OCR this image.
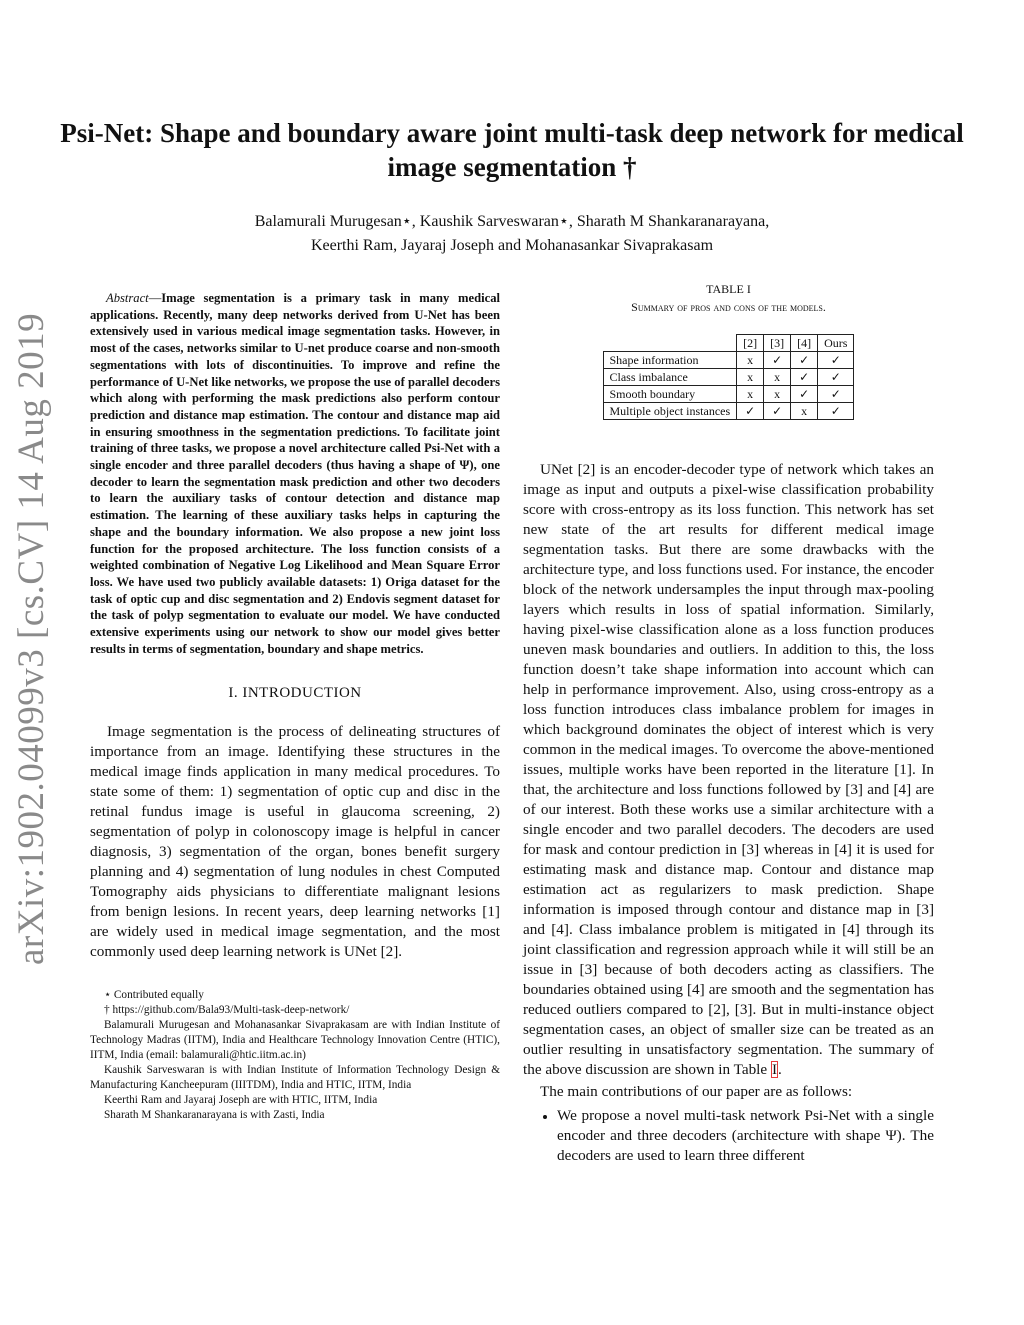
arXiv:1902.04099v3 [cs.CV] 14 Aug 2019
Psi-Net: Shape and boundary aware joint multi-task deep network for medical image segmentation †
Balamurali Murugesan⋆, Kaushik Sarveswaran⋆, Sharath M Shankaranarayana,
Keerthi Ram, Jayaraj Joseph and Mohanasankar Sivaprakasam

Abstract — Image segmentation is a primary task in many medical applications. Recently, many deep networks derived from U-Net has been extensively used in various medical image segmentation tasks. However, in most of the cases, networks similar to U-net produce coarse and non-smooth segmentations with lots of discontinuities. To improve and refine the performance of U-Net like networks, we propose the use of parallel decoders which along with performing the mask predictions also perform contour prediction and distance map estimation. The contour and distance map aid in ensuring smoothness in the segmentation predictions. To facilitate joint training of three tasks, we propose a novel architecture called Psi-Net with a single encoder and three parallel decoders (thus having a shape of Ψ), one decoder to learn the segmentation mask prediction and other two decoders to learn the auxiliary tasks of contour detection and distance map estimation. The learning of these auxiliary tasks helps in capturing the shape and the boundary information. We also propose a new joint loss function for the proposed architecture. The loss function consists of a weighted combination of Negative Log Likelihood and Mean Square Error loss. We have used two publicly available datasets: 1) Origa dataset for the task of optic cup and disc segmentation and 2) Endovis segment dataset for the task of polyp segmentation to evaluate our model. We have conducted extensive experiments using our network to show our model gives better results in terms of segmentation, boundary and shape metrics.

I. INTRODUCTION

Image segmentation is the process of delineating structures of importance from an image. Identifying these structures in the medical image finds application in many medical procedures. To state some of them: 1) segmentation of optic cup and disc in the retinal fundus image is useful in glaucoma screening, 2) segmentation of polyp in colonoscopy image is helpful in cancer diagnosis, 3) segmentation of the organ, bones benefit surgery planning and 4) segmentation of lung nodules in chest Computed Tomography aids physicians to differentiate malignant lesions from benign lesions. In recent years, deep learning networks [1] are widely used in medical image segmentation, and the most commonly used deep learning network is UNet [2].

⋆ Contributed equally

† https://github.com/Bala93/Multi-task-deep-network/

Balamurali Murugesan and Mohanasankar Sivaprakasam are with Indian Institute of Technology Madras (IITM), India and Healthcare Technology Innovation Centre (HTIC), IITM, India (email: balamurali@htic.iitm.ac.in)

Kaushik Sarveswaran is with Indian Institute of Information Technology Design & Manufacturing Kancheepuram (IIITDM), India and HTIC, IITM, India

Keerthi Ram and Jayaraj Joseph are with HTIC, IITM, India

Sharath M Shankaranarayana is with Zasti, India

TABLE I
Summary of pros and cons of the models.
	[2]	[3]	[4]	Ours
Shape information	x	✓	✓	✓
Class imbalance	x	x	✓	✓
Smooth boundary	x	x	✓	✓
Multiple object instances	✓	✓	x	✓

UNet [2] is an encoder-decoder type of network which takes an image as input and outputs a pixel-wise classification probability score with cross-entropy as its loss function. This network has set new state of the art results for different medical image segmentation tasks. But there are some drawbacks with the architecture type, and loss functions used. For instance, the encoder block of the network undersamples the input through max-pooling layers which results in loss of spatial information. Similarly, having pixel-wise classification alone as a loss function produces uneven mask boundaries and outliers. In addition to this, the loss function doesn’t take shape information into account which can help in performance improvement. Also, using cross-entropy as a loss function introduces class imbalance problem for images in which background dominates the object of interest which is very common in the medical images. To overcome the above-mentioned issues, multiple works have been reported in the literature [1]. In that, the architecture and loss functions followed by [3] and [4] are of our interest. Both these works use a similar architecture with a single encoder and two parallel decoders. The decoders are used for mask and contour prediction in [3] whereas in [4] it is used for estimating mask and distance map. Contour and distance map estimation act as regularizers to mask prediction. Shape information is imposed through contour and distance map in [3] and [4]. Class imbalance problem is mitigated in [4] through its joint classification and regression approach while it will still be an issue in [3] because of both decoders acting as classifiers. The boundaries obtained using [4] are smooth and the segmentation has reduced outliers compared to [2], [3]. But in multi-instance object segmentation cases, an object of smaller size can be treated as an outlier resulting in unsatisfactory segmentation. The summary of the above discussion are shown in Table I.

The main contributions of our paper are as follows:

• We propose a novel multi-task network Psi-Net with a single encoder and three decoders (architecture with shape Ψ). The decoders are used to learn three different
